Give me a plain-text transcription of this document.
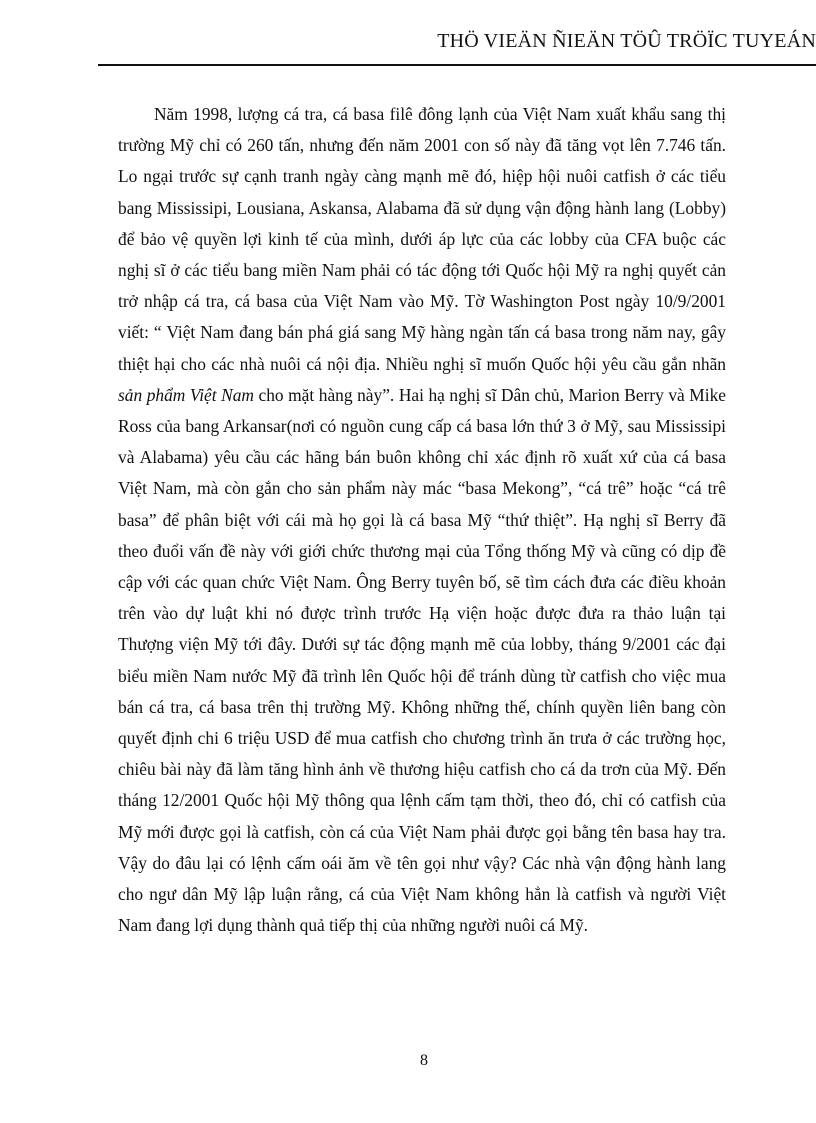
THÖ VIEÄN ÑIEÄN TÖÛ TRÖÏC TUYEÁN

Năm 1998, lượng cá tra, cá basa filê đông lạnh của Việt Nam xuất khẩu sang thị trường Mỹ chỉ có 260 tấn, nhưng đến năm 2001 con số này đã tăng vọt lên 7.746 tấn. Lo ngại trước sự cạnh tranh ngày càng mạnh mẽ đó, hiệp hội nuôi catfish ở các tiểu bang Mississipi, Lousiana, Askansa, Alabama đã sử dụng vận động hành lang (Lobby) để bảo vệ quyền lợi kinh tế của mình, dưới áp lực của các lobby của CFA buộc các nghị sĩ ở các tiểu bang miền Nam phải có tác động tới Quốc hội Mỹ ra nghị quyết cản trở nhập cá tra, cá basa của Việt Nam vào Mỹ. Tờ Washington Post ngày 10/9/2001 viết: “ Việt Nam đang bán phá giá sang Mỹ hàng ngàn tấn cá basa trong năm nay, gây thiệt hại cho các nhà nuôi cá nội địa. Nhiều nghị sĩ muốn Quốc hội yêu cầu gắn nhãn sản phẩm Việt Nam cho mặt hàng này”. Hai hạ nghị sĩ Dân chủ, Marion Berry và Mike Ross của bang Arkansar(nơi có nguồn cung cấp cá basa lớn thứ 3 ở Mỹ, sau Mississipi và Alabama) yêu cầu các hãng bán buôn không chỉ xác định rõ xuất xứ của cá basa Việt Nam, mà còn gắn cho sản phẩm này mác “basa Mekong”, “cá trê” hoặc “cá trê basa” để phân biệt với cái mà họ gọi là cá basa Mỹ “thứ thiệt”. Hạ nghị sĩ Berry đã theo đuổi vấn đề này với giới chức thương mại của Tổng thống Mỹ và cũng có dịp đề cập với các quan chức Việt Nam. Ông Berry tuyên bố, sẽ tìm cách đưa các điều khoản trên vào dự luật khi nó được trình trước Hạ viện hoặc được đưa ra thảo luận tại Thượng viện Mỹ tới đây. Dưới sự tác động mạnh mẽ của lobby, tháng 9/2001 các đại biểu miền Nam nước Mỹ đã trình lên Quốc hội để tránh dùng từ catfish cho việc mua bán cá tra, cá basa trên thị trường Mỹ. Không những thế, chính quyền liên bang còn quyết định chi 6 triệu USD để mua catfish cho chương trình ăn trưa ở các trường học, chiêu bài này đã làm tăng hình ảnh về thương hiệu catfish cho cá da trơn của Mỹ. Đến tháng 12/2001 Quốc hội Mỹ thông qua lệnh cấm tạm thời, theo đó, chỉ có catfish của Mỹ mới được gọi là catfish, còn cá của Việt Nam phải được gọi bằng tên basa hay tra. Vậy do đâu lại có lệnh cấm oái ăm về tên gọi như vậy? Các nhà vận động hành lang cho ngư dân Mỹ lập luận rằng, cá của Việt Nam không hẳn là catfish và người Việt Nam đang lợi dụng thành quả tiếp thị của những người nuôi cá Mỹ.

8
